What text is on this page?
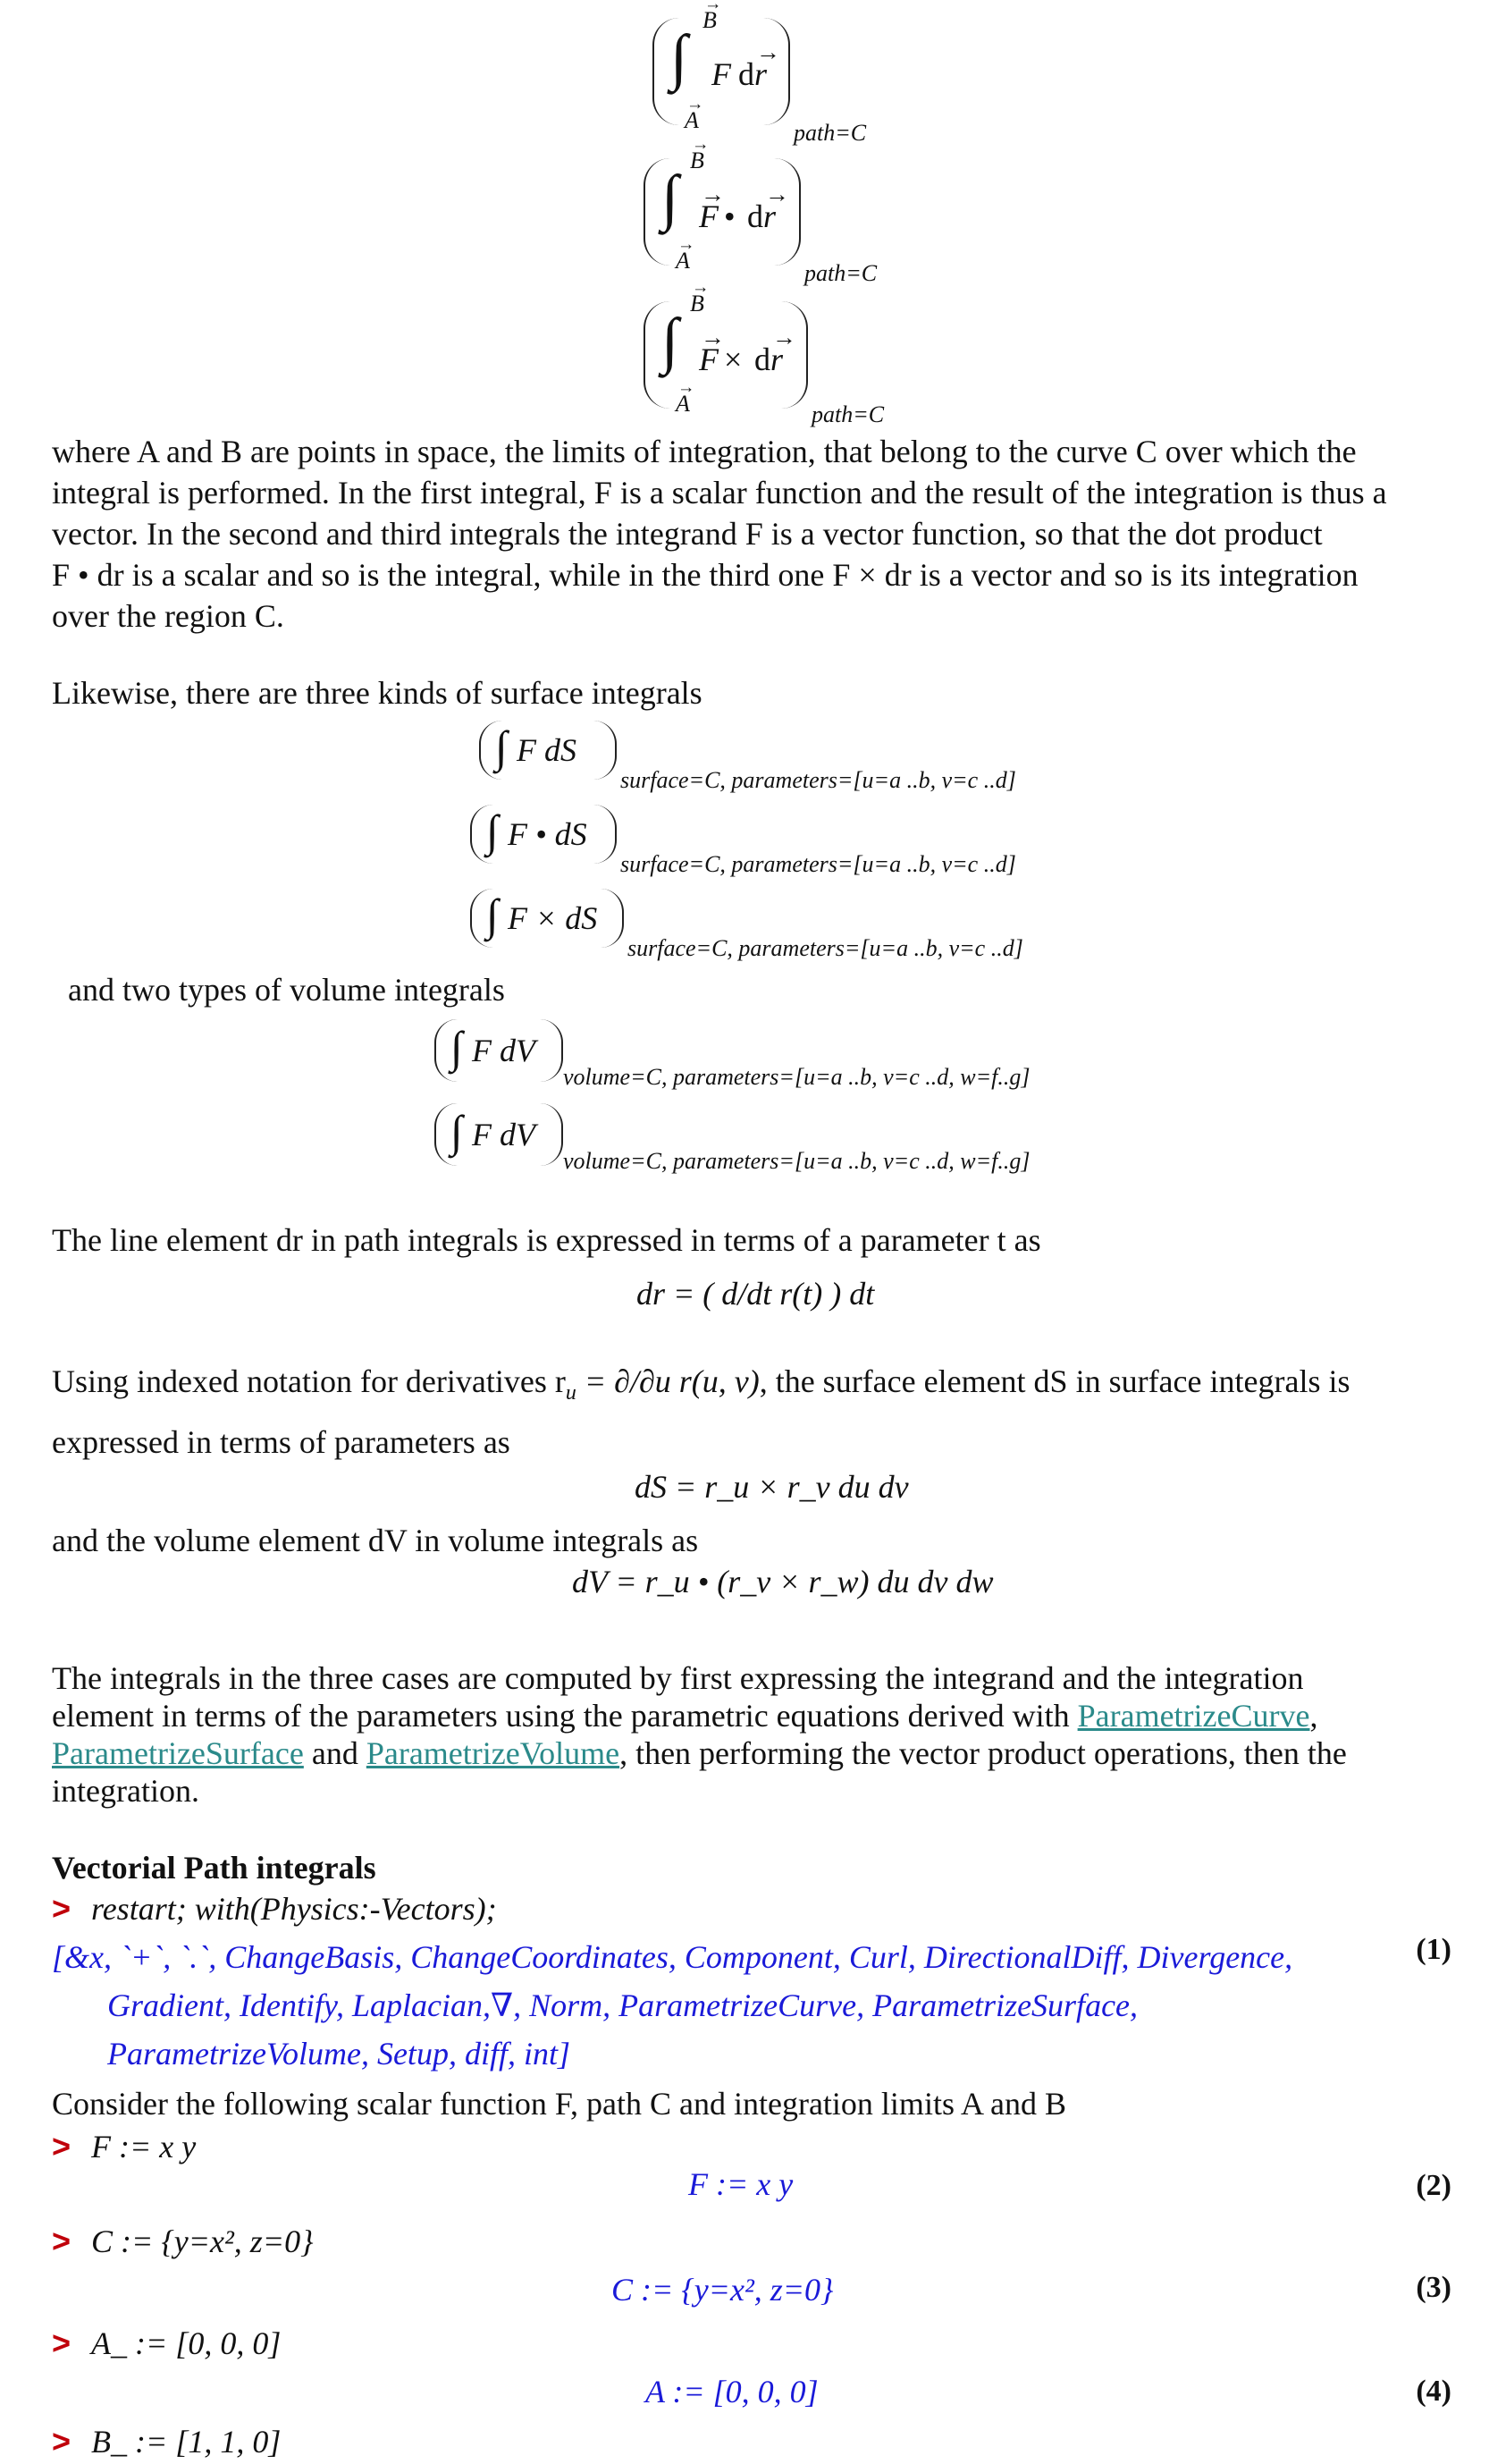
→ B
∫ F d→ r
→ A	path=C
→ B
∫ → F • d→ r
→ A	path=C
→ B
∫ → F × d→ r
→ A	path=C
where A and B are points in space, the limits of integration, that belong to the curve C over which the
integral is performed. In the first integral, F is a scalar function and the result of the integration is thus a
vector. In the second and third integrals the integrand F is a vector function, so that the dot product
F • dr is a scalar and so is the integral, while in the third one F × dr is a vector and so is its integration
over the region C.
Likewise, there are three kinds of surface integrals
∫ F dS
surface=C, parameters=[u=a ..b, v=c ..d]
∫ F • dS
surface=C, parameters=[u=a ..b, v=c ..d]
∫ F × dS
surface=C, parameters=[u=a ..b, v=c ..d]
and two types of volume integrals
∫ F dV
volume=C, parameters=[u=a ..b, v=c ..d, w=f..g]
∫ F dV
volume=C, parameters=[u=a ..b, v=c ..d, w=f..g]
The line element dr in path integrals is expressed in terms of a parameter t as
dr = ( d/dt r(t) ) dt
Using indexed notation for derivatives $r_u = \partial/\partial u$ r(u, v), the surface element dS in surface integrals is
expressed in terms of parameters as
dS = r_u × r_v du dv
and the volume element dV in volume integrals as
dV = r_u • (r_v × r_w) du dv dw
The integrals in the three cases are computed by first expressing the integrand and the integration
element in terms of the parameters using the parametric equations derived with ParametrizeCurve,
ParametrizeSurface and ParametrizeVolume, then performing the vector product operations, then the
integration.
Vectorial Path integrals
> restart; with(Physics:-Vectors);
[&x, `+`, `.`, ChangeBasis, ChangeCoordinates, Component, Curl, DirectionalDiff, Divergence,
Gradient, Identify, Laplacian,∇, Norm, ParametrizeCurve, ParametrizeSurface,
ParametrizeVolume, Setup, diff, int]
(1)
Consider the following scalar function F, path C and integration limits A and B
> F := x y
F := x y	(2)
> C := {y=x², z=0}
C := {y=x², z=0}	(3)
> A_ := [0, 0, 0]
A := [0, 0, 0]	(4)
> B_ := [1, 1, 0]
